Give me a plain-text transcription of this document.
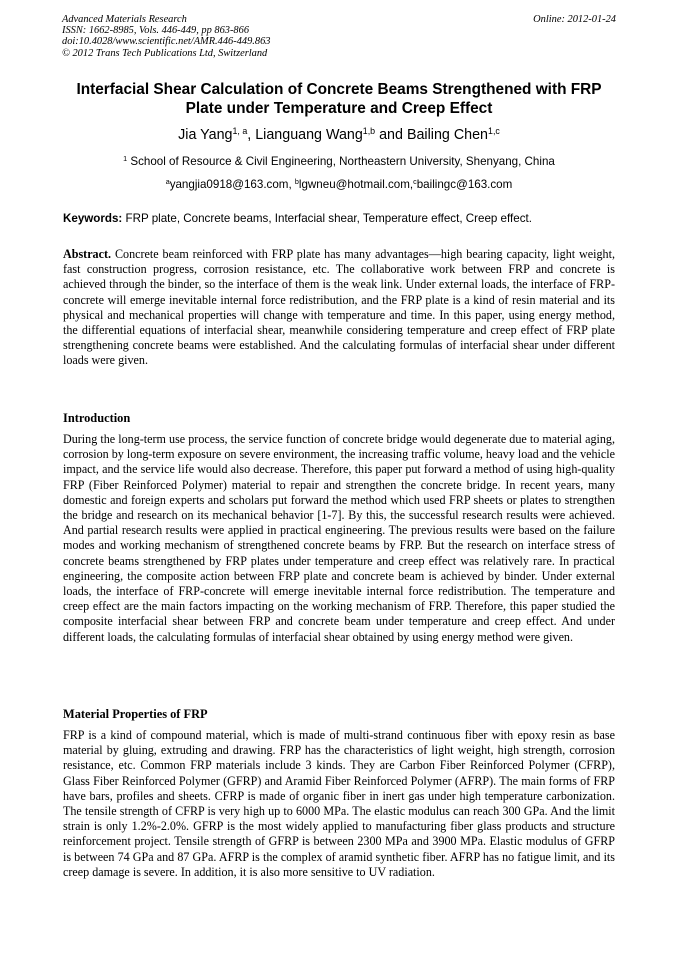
Advanced Materials Research
ISSN: 1662-8985, Vols. 446-449, pp 863-866
doi:10.4028/www.scientific.net/AMR.446-449.863
© 2012 Trans Tech Publications Ltd, Switzerland
Online: 2012-01-24
Interfacial Shear Calculation of Concrete Beams Strengthened with FRP
Plate under Temperature and Creep Effect
Jia Yang$^{1, a}$, Lianguang Wang$^{1,b}$ and Bailing Chen$^{1,c}$
$^1$ School of Resource & Civil Engineering, Northeastern University, Shenyang, China
$^a$yangjia0918@163.com, $^b$lgwneu@hotmail.com,$^c$bailingc@163.com
Keywords: FRP plate, Concrete beams, Interfacial shear, Temperature effect, Creep effect.
Abstract. Concrete beam reinforced with FRP plate has many advantages—high bearing capacity, light weight, fast construction progress, corrosion resistance, etc. The collaborative work between FRP and concrete is achieved through the binder, so the interface of them is the weak link. Under external loads, the interface of FRP-concrete will emerge inevitable internal force redistribution, and the FRP plate is a kind of resin material and its physical and mechanical properties will change with temperature and time. In this paper, using energy method, the differential equations of interfacial shear, meanwhile considering temperature and creep effect of FRP plate strengthening concrete beams were established. And the calculating formulas of interfacial shear under different loads were given.
Introduction
During the long-term use process, the service function of concrete bridge would degenerate due to material aging, corrosion by long-term exposure on severe environment, the increasing traffic volume, heavy load and the vehicle impact, and the service life would also decrease. Therefore, this paper put forward a method of using high-quality FRP (Fiber Reinforced Polymer) material to repair and strengthen the concrete bridge. In recent years, many domestic and foreign experts and scholars put forward the method which used FRP sheets or plates to strengthen the bridge and research on its mechanical behavior [1-7]. By this, the successful research results were achieved. And partial research results were applied in practical engineering. The previous results were based on the failure modes and working mechanism of strengthened concrete beams by FRP. But the research on interface stress of concrete beams strengthened by FRP plates under temperature and creep effect was relatively rare. In practical engineering, the composite action between FRP plate and concrete beam is achieved by binder. Under external loads, the interface of FRP-concrete will emerge inevitable internal force redistribution. The temperature and creep effect are the main factors impacting on the working mechanism of FRP. Therefore, this paper studied the composite interfacial shear between FRP and concrete beam under temperature and creep effect. And under different loads, the calculating formulas of interfacial shear obtained by using energy method were given.
Material Properties of FRP
FRP is a kind of compound material, which is made of multi-strand continuous fiber with epoxy resin as base material by gluing, extruding and drawing. FRP has the characteristics of light weight, high strength, corrosion resistance, etc. Common FRP materials include 3 kinds. They are Carbon Fiber Reinforced Polymer (CFRP), Glass Fiber Reinforced Polymer (GFRP) and Aramid Fiber Reinforced Polymer (AFRP). The main forms of FRP have bars, profiles and sheets. CFRP is made of organic fiber in inert gas under high temperature carbonization. The tensile strength of CFRP is very high up to 6000 MPa. The elastic modulus can reach 300 GPa. And the limit strain is only 1.2%-2.0%. GFRP is the most widely applied to manufacturing fiber glass products and structure reinforcement project. Tensile strength of GFRP is between 2300 MPa and 3900 MPa. Elastic modulus of GFRP is between 74 GPa and 87 GPa. AFRP is the complex of aramid synthetic fiber. AFRP has no fatigue limit, and its creep damage is severe. In addition, it is also more sensitive to UV radiation.
